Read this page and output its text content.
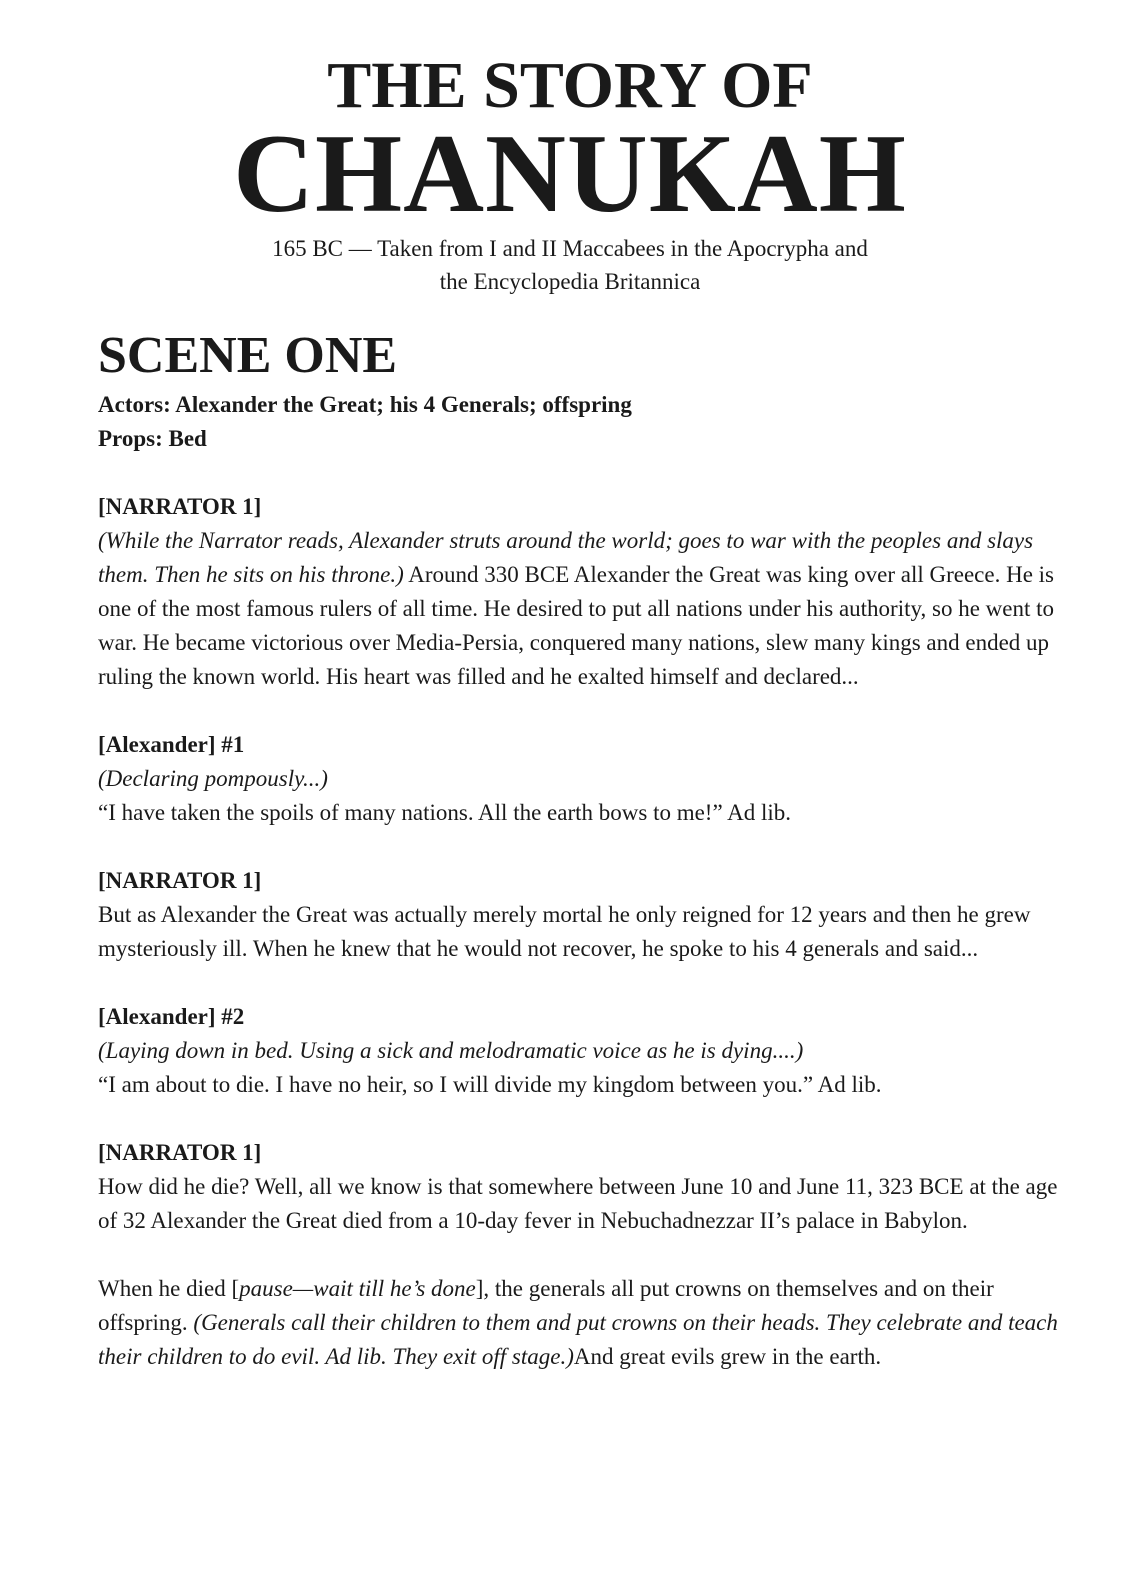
THE STORY OF
CHANUKAH
165 BC — Taken from I and II Maccabees in the Apocrypha and
the Encyclopedia Britannica
SCENE ONE

Actors: Alexander the Great; his 4 Generals; offspring

Props: Bed

[NARRATOR 1]

(While the Narrator reads, Alexander struts around the world; goes to war with the peoples and slays them. Then he sits on his throne.) Around 330 BCE Alexander the Great was king over all Greece. He is one of the most famous rulers of all time. He desired to put all nations under his authority, so he went to war. He became victorious over Media-Persia, conquered many nations, slew many kings and ended up ruling the known world. His heart was filled and he exalted himself and declared...

[Alexander] #1

(Declaring pompously...)

“I have taken the spoils of many nations. All the earth bows to me!” Ad lib.

[NARRATOR 1]

But as Alexander the Great was actually merely mortal he only reigned for 12 years and then he grew mysteriously ill. When he knew that he would not recover, he spoke to his 4 generals and said...

[Alexander] #2

(Laying down in bed. Using a sick and melodramatic voice as he is dying....)

“I am about to die. I have no heir, so I will divide my kingdom between you.” Ad lib.

[NARRATOR 1]

How did he die? Well, all we know is that somewhere between June 10 and June 11, 323 BCE at the age of 32 Alexander the Great died from a 10-day fever in Nebuchadnezzar II’s palace in Babylon.

When he died [pause—wait till he’s done], the generals all put crowns on themselves and on their offspring. (Generals call their children to them and put crowns on their heads. They celebrate and teach their children to do evil. Ad lib. They exit off stage.)And great evils grew in the earth.
